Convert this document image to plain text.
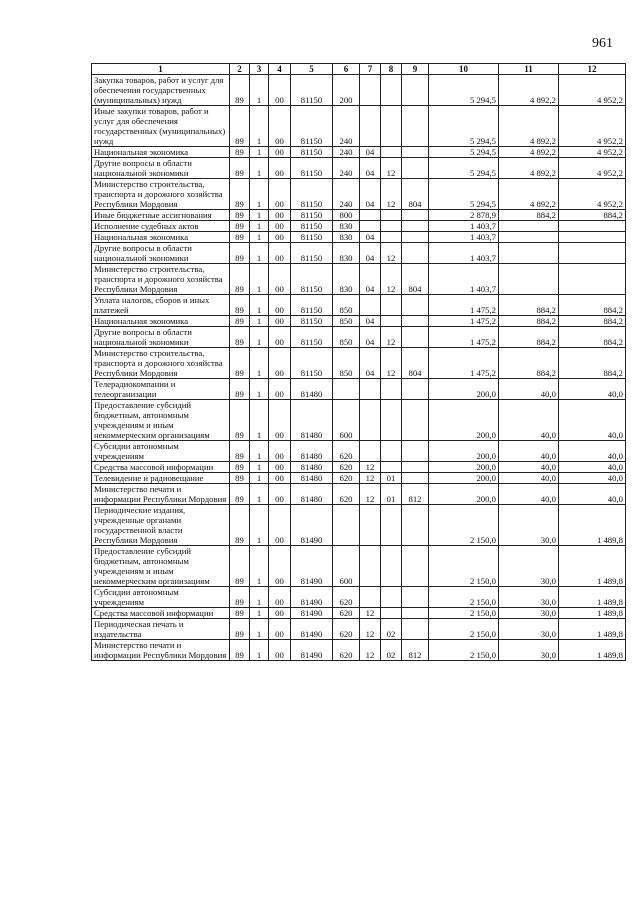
961
1	2	3	4	5	6	7	8	9	10	11	12
Закупка товаров, работ и услуг для обеспечения государственных (муниципальных) нужд	89	1	00	81150	200				5 294,5	4 892,2	4 952,2
Иные закупки товаров, работ и услуг для обеспечения государственных (муниципальных) нужд	89	1	00	81150	240				5 294,5	4 892,2	4 952,2
Национальная экономика	89	1	00	81150	240	04			5 294,5	4 892,2	4 952,2
Другие вопросы в области национальной экономики	89	1	00	81150	240	04	12		5 294,5	4 892,2	4 952,2
Министерство строительства, транспорта и дорожного хозяйства Республики Мордовия	89	1	00	81150	240	04	12	804	5 294,5	4 892,2	4 952,2
Иные бюджетные ассигнования	89	1	00	81150	800				2 878,9	884,2	884,2
Исполнение судебных актов	89	1	00	81150	830				1 403,7		
Национальная экономика	89	1	00	81150	830	04			1 403,7		
Другие вопросы в области национальной экономики	89	1	00	81150	830	04	12		1 403,7		
Министерство строительства, транспорта и дорожного хозяйства Республики Мордовия	89	1	00	81150	830	04	12	804	1 403,7		
Уплата налогов, сборов и иных платежей	89	1	00	81150	850				1 475,2	884,2	884,2
Национальная экономика	89	1	00	81150	850	04			1 475,2	884,2	884,2
Другие вопросы в области национальной экономики	89	1	00	81150	850	04	12		1 475,2	884,2	884,2
Министерство строительства, транспорта и дорожного хозяйства Республики Мордовия	89	1	00	81150	850	04	12	804	1 475,2	884,2	884,2
Телерадиокомпании и телеорганизации	89	1	00	81480					200,0	40,0	40,0
Предоставление субсидий бюджетным, автономным учреждениям и иным некоммерческим организациям	89	1	00	81480	600				200,0	40,0	40,0
Субсидии автономным учреждениям	89	1	00	81480	620				200,0	40,0	40,0
Средства массовой информации	89	1	00	81480	620	12			200,0	40,0	40,0
Телевидение и радиовещание	89	1	00	81480	620	12	01		200,0	40,0	40,0
Министерство печати и информации Республики Мордовия	89	1	00	81480	620	12	01	812	200,0	40,0	40,0
Периодические издания, учрежденные органами государственной власти Республики Мордовия	89	1	00	81490					2 150,0	30,0	1 489,8
Предоставление субсидий бюджетным, автономным учреждениям и иным некоммерческим организациям	89	1	00	81490	600				2 150,0	30,0	1 489,8
Субсидии автономным учреждениям	89	1	00	81490	620				2 150,0	30,0	1 489,8
Средства массовой информации	89	1	00	81490	620	12			2 150,0	30,0	1 489,8
Периодическая печать и издательства	89	1	00	81490	620	12	02		2 150,0	30,0	1 489,8
Министерство печати и информации Республики Мордовия	89	1	00	81490	620	12	02	812	2 150,0	30,0	1 489,8
